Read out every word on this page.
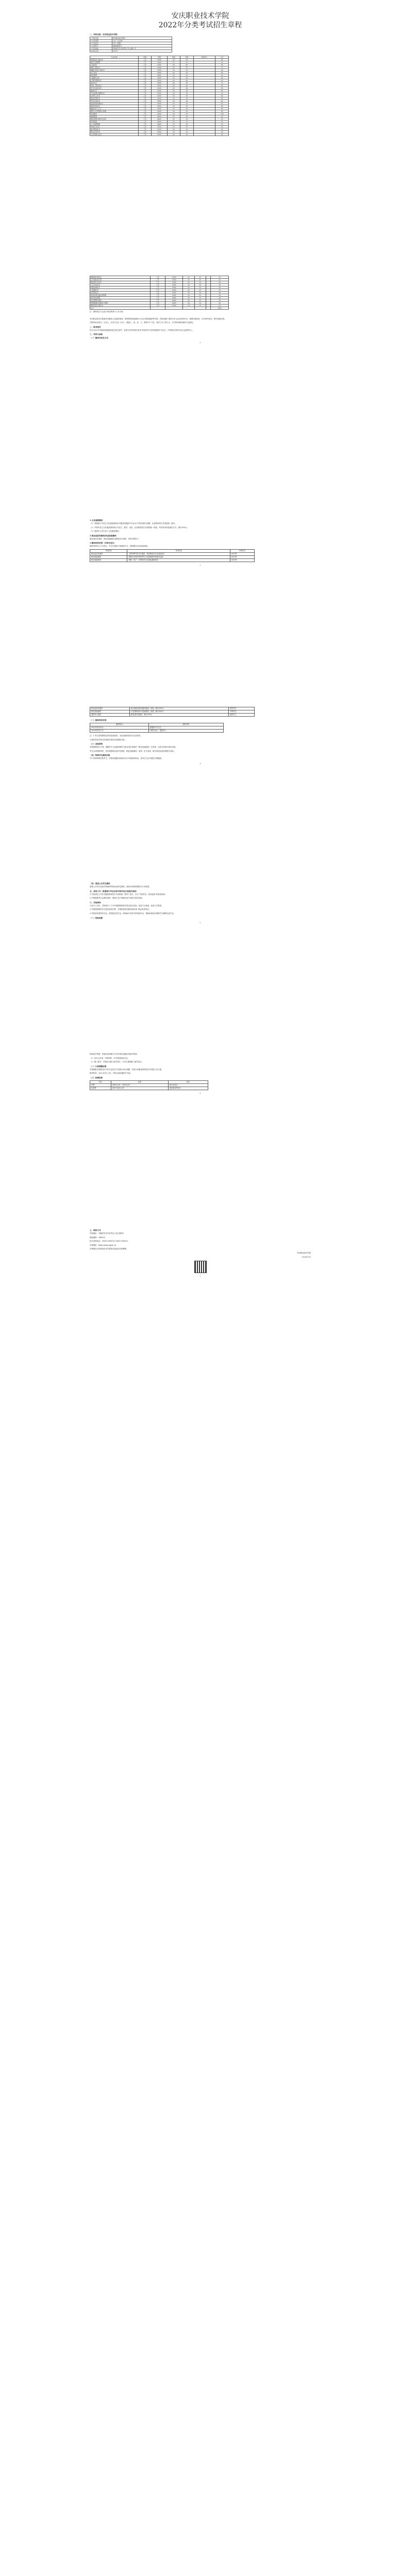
安庆职业技术学院

2022年分类考试招生章程

一、学校全称：安庆职业技术学院

1.学校全称	安庆职业技术学院
2.办学类型	公办（全日制）
3.学历层次	专科（高职）
4.主管部门	安徽省教育厅
5.学校地址	安徽省安庆市宜秀区大龙山路 8 号
6.招生代码	13279
专业名称	学制	学费	普高	中职	退役军人	合计
建筑装饰工程技术	三年	5500	30	30		60
建设工程管理	三年	5500	25	25		50
工程造价	三年	5500	40	40		80
建筑工程技术	三年	5500	40	35		75
道路与桥梁工程技术	三年	5500	20	20		40
电子商务	三年	4900	40	40		80
物流管理	三年	4900	25	25		50
大数据与会计	三年	4900	50	45		95
计算机网络技术	三年	5500	40	40		80
软件技术	三年	5500	40	35		75
机电一体化技术	三年	5500	45	45		90
电气自动化技术	三年	5500	40	40		80
数控技术	三年	5500	30	30		60
汽车检测与维修技术	三年	5500	35	35		70
应用化工技术	三年	5500	30	30		60
药品生物技术	三年	5500	25	25		50
环境工程技术	三年	5500	20	20		40
食品检验检测技术	三年	5500	25	25		50
现代纺织技术	三年	5500	20	20		40
服装设计与工艺	三年	5500	25	25		50
婴幼儿托育服务与管理	三年	4900	30	30		60
学前教育	三年	4900	50	50		100
旅游管理	三年	4900	25	25		50
酒店管理与数字化运营	三年	4900	25	25		50
市场营销	三年	4900	25	25		50
人力资源管理	三年	4900	25	25		50
环境艺术设计	三年	5500	25	25		50
数字媒体技术	三年	5500	30	30		60
移动应用开发	三年	5500	25	25		50
工业机器人技术	三年	5500	30	30		60
物联网应用技术	三年	5500	25	25		50
云计算技术应用	三年	5500	25	25		50
新能源汽车技术	三年	5500	30	30		60
工业分析技术	三年	5500	20	20		40
智能控制技术	三年	5500	25	25		50
大数据技术	三年	5500	25	25		50
供用电技术	三年	5500	20	20		40
城市轨道交通运营管理	三年	5500	25	25		50
现代物业管理	三年	4900	20	20		40
社区管理与服务	三年	4900	20	20		40
智慧健康养老服务与管理	三年	4900	20	20		40
建筑设备工程技术	三年	5500	20	20		40
合计						2600

注：最终招生专业及计划以教育厅公布为准。

安庆职业技术学院是经安徽省人民政府批准、国家教育部备案的公办全日制普通高等学校。学院坐落于国家历史文化名城安庆市，校园环境优美，办学条件优良，教学设施完善。

学院现有在校生一万余人，开设专业五十余个，涵盖工、管、经、文、教等多个门类，形成了以工科为主、多学科协调发展的专业格局。

二、报考条件

符合2022年安徽省普通高校招生报名条件，参加分类考试招生报名并取得考生号的普通高中毕业生、中等职业学校毕业生及退役军人。

三、考试与录取

（一）测试内容及方式

2

1.文化素质测试

（1）普通高中毕业生文化素质测试以安徽省普通高中学业水平考试成绩为依据，由省教育招生考试院统一组织。

（2）中职毕业生文化素质测试科目为语文、数学、英语，由省教育招生考试院统一组织。考试采用闭卷笔试方式，满分300分。

（3）退役军人考生免于文化素质测试。

2.职业适应性测试/职业技能测试

职业适应性测试、职业技能测试由我校自行组织，具体安排如下：

3.测试时间安排（中职毕业生）

测试采用线上方式进行，考生应提前下载测试平台，按照要求完成设备调试。

考试科目	考试内容	考试时长
职业适应性测试	主要考察考生综合素质、职业倾向及专业适应能力	60分钟
职业技能测试	依据专业类别考查考生专业基础知识和基本技能	60分钟
职业技能测试	机械、电子、计算机类专业技能基础知识	60分钟
3
职业适应性测试	综合素质及职业倾向测试，闭卷，满分300分	普高考生
职业技能测试	专业基础知识与技能测试，闭卷，满分300分	中职考生
退役军人测试	职业适应性测试，满分300分	退役军人

（二）测试时间安排

测试时间	测试对象
2022年4月16日	普通高中毕业生
2022年4月17日	中职毕业生、退役军人

注：1.考生须按照规定时间参加测试，未参加测试者视为自动放弃。

2.测试具体安排以学校招生网发布的通知为准。

（三）录取原则

学校按照招生计划，根据考生文化素质测试与职业适应性测试（职业技能测试）总成绩，从高分到低分择优录取。

考生总成绩相同时，依次按照职业适应性测试（职业技能测试）成绩、语文成绩、数学成绩从高到低排序录取。

（四）特殊考生测试安排

对于有特殊情况的考生，学校将根据实际情况另行安排测试时间，请考生关注学校招生网通知。

4

（四）退役士兵考生测试

退役士兵考生参加学校组织的职业适应性测试，测试合格者按照招生计划录取。

五、录取工作（普通高中毕业生和中职毕业生同批次录取）

1.学校录取工作在安徽省教育招生考试院统一领导下进行，实行“学校负责、招办监督”的录取体制。

2.学校根据考生志愿和成绩，按照专业计划数从高分到低分择优录取。

六、其他事项

1.新生入学后，学校将在三个月内按照国家招生规定进行复查，复查不合格者，取消入学资格。

2.学校按照国家有关规定收取学费，学费标准按安徽省物价部门核定标准执行。

3.学校设有国家奖学金、国家励志奖学金、国家助学金等多种奖助学金，帮助家庭经济困难学生顺利完成学业。

（一）奖助政策

5

国家助学贷款：家庭经济困难学生可申请生源地信用助学贷款。

（1）经本人申请，学校审核，可享受国家助学金。

（2）勤工助学：学校设立勤工助学岗位，为学生提供勤工助学机会。

（二）计划调整说明

学校根据生源情况可对各专业招生计划进行适当调整，具体以安徽省教育招生考试院公布为准。

报到时间：2022年9月上旬，具体以录取通知书为准。

（三）收费标准

项目	标准	备注
学费	4900元/年、5500元/年	按专业执行
住宿费	800-1200元/年	按住宿条件执行
6

七、联系方式

学校地址：安徽省安庆市宜秀区大龙山路8号

邮政编码：246003

招生咨询电话：0556-5300011 0556-5300022

学校网址：http://www.aqvtc.cn

本章程由安庆职业技术学院招生就业处负责解释。

安庆职业技术学院

2022年3月

7
